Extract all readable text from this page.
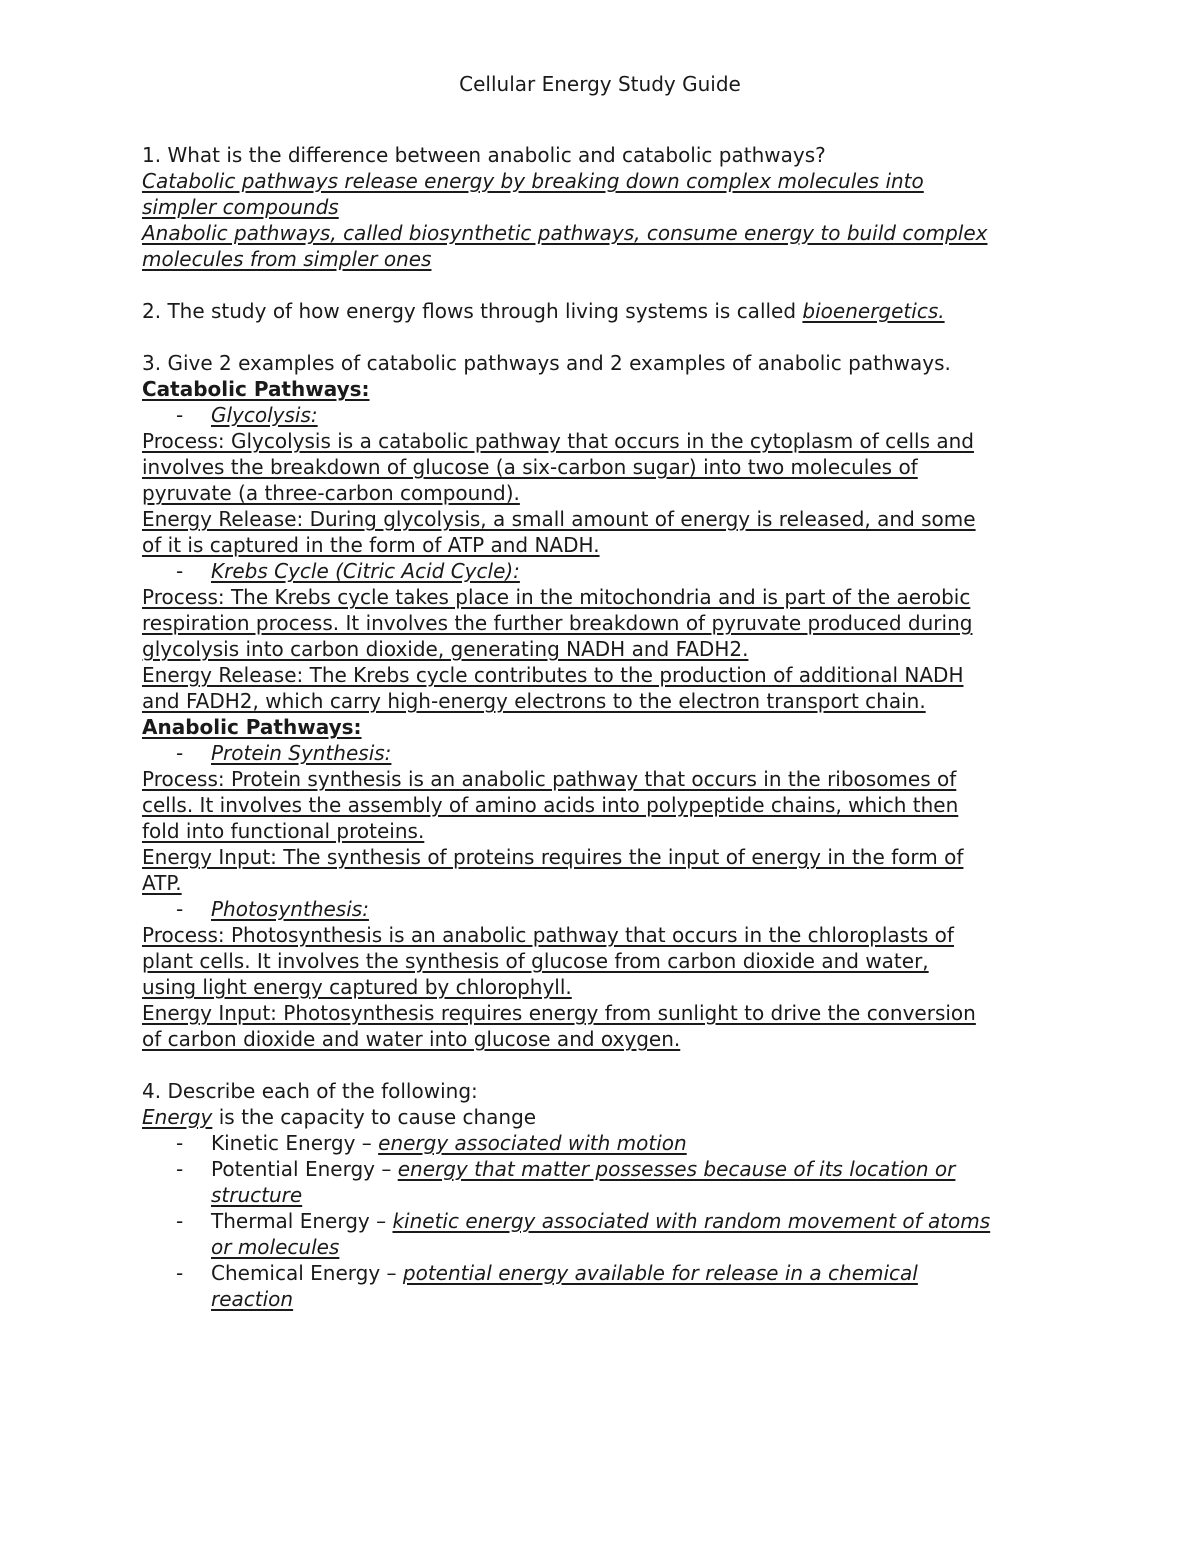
Cellular Energy Study Guide
1. What is the difference between anabolic and catabolic pathways?
Catabolic pathways release energy by breaking down complex molecules into
simpler compounds
Anabolic pathways, called biosynthetic pathways, consume energy to build complex
molecules from simpler ones
2. The study of how energy flows through living systems is called bioenergetics.
3. Give 2 examples of catabolic pathways and 2 examples of anabolic pathways.
Catabolic Pathways:
-	Glycolysis:
Process: Glycolysis is a catabolic pathway that occurs in the cytoplasm of cells and
involves the breakdown of glucose (a six-carbon sugar) into two molecules of
pyruvate (a three-carbon compound).
Energy Release: During glycolysis, a small amount of energy is released, and some
of it is captured in the form of ATP and NADH.
-	Krebs Cycle (Citric Acid Cycle):
Process: The Krebs cycle takes place in the mitochondria and is part of the aerobic
respiration process. It involves the further breakdown of pyruvate produced during
glycolysis into carbon dioxide, generating NADH and FADH2.
Energy Release: The Krebs cycle contributes to the production of additional NADH
and FADH2, which carry high-energy electrons to the electron transport chain.
Anabolic Pathways:
-	Protein Synthesis:
Process: Protein synthesis is an anabolic pathway that occurs in the ribosomes of
cells. It involves the assembly of amino acids into polypeptide chains, which then
fold into functional proteins.
Energy Input: The synthesis of proteins requires the input of energy in the form of
ATP.
-	Photosynthesis:
Process: Photosynthesis is an anabolic pathway that occurs in the chloroplasts of
plant cells. It involves the synthesis of glucose from carbon dioxide and water,
using light energy captured by chlorophyll.
Energy Input: Photosynthesis requires energy from sunlight to drive the conversion
of carbon dioxide and water into glucose and oxygen.
4. Describe each of the following:
Energy is the capacity to cause change
-	Kinetic Energy – energy associated with motion
-	Potential Energy – energy that matter possesses because of its location or
structure
-	Thermal Energy – kinetic energy associated with random movement of atoms
or molecules
-	Chemical Energy – potential energy available for release in a chemical
reaction
